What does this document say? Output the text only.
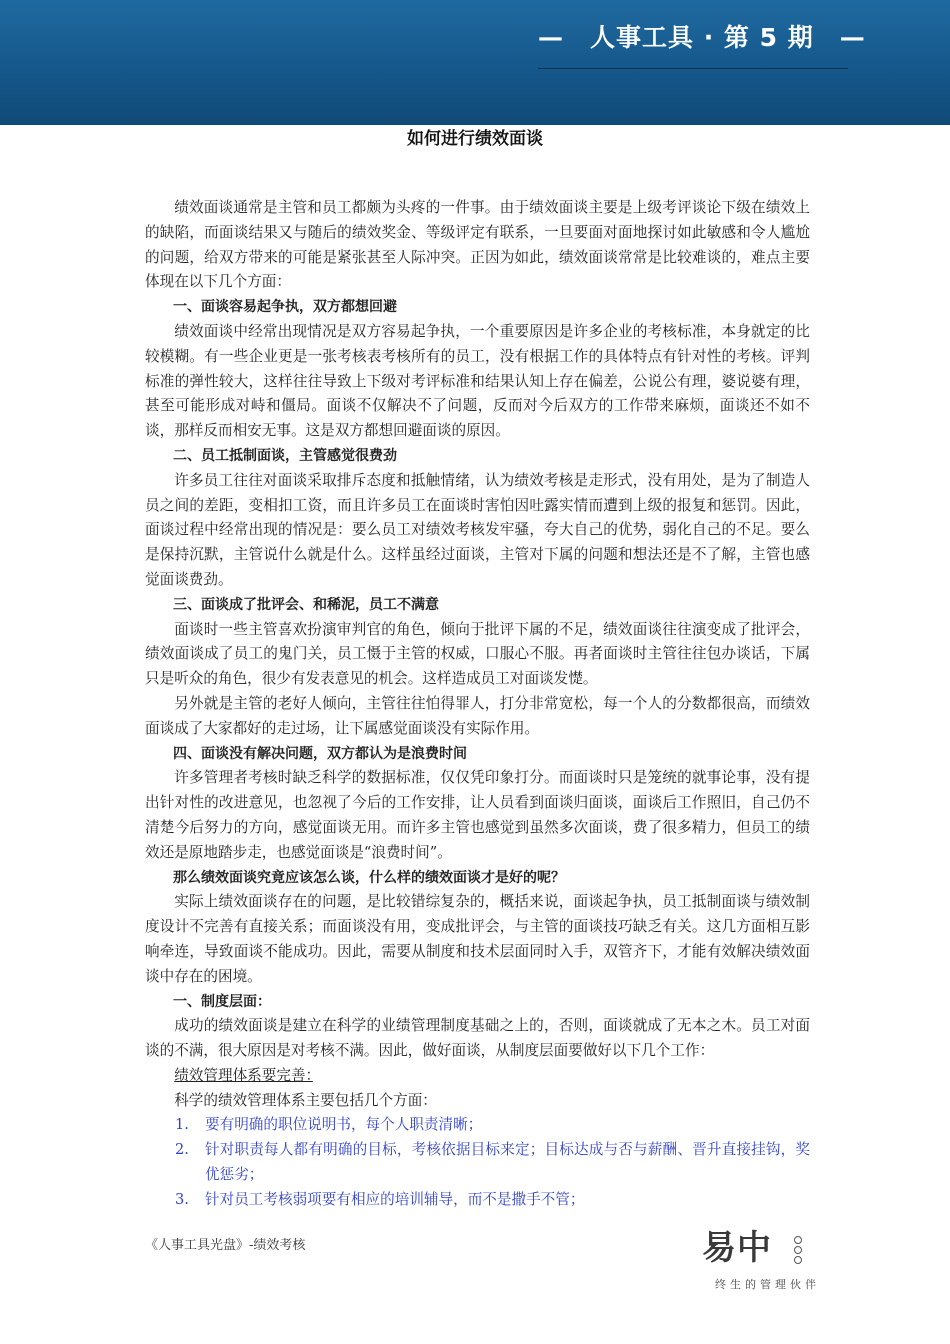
—　人事工具 · 第 5 期　—
如何进行绩效面谈

绩效面谈通常是主管和员工都颇为头疼的一件事。由于绩效面谈主要是上级考评谈论下级在绩效上的缺陷，而面谈结果又与随后的绩效奖金、等级评定有联系，一旦要面对面地探讨如此敏感和令人尴尬的问题，给双方带来的可能是紧张甚至人际冲突。正因为如此，绩效面谈常常是比较难谈的，难点主要体现在以下几个方面：

一、面谈容易起争执，双方都想回避

绩效面谈中经常出现情况是双方容易起争执，一个重要原因是许多企业的考核标准，本身就定的比较模糊。有一些企业更是一张考核表考核所有的员工，没有根据工作的具体特点有针对性的考核。评判标准的弹性较大，这样往往导致上下级对考评标准和结果认知上存在偏差，公说公有理，婆说婆有理，甚至可能形成对峙和僵局。面谈不仅解决不了问题，反而对今后双方的工作带来麻烦，面谈还不如不谈，那样反而相安无事。这是双方都想回避面谈的原因。

二、员工抵制面谈，主管感觉很费劲

许多员工往往对面谈采取排斥态度和抵触情绪，认为绩效考核是走形式，没有用处，是为了制造人员之间的差距，变相扣工资，而且许多员工在面谈时害怕因吐露实情而遭到上级的报复和惩罚。因此，面谈过程中经常出现的情况是：要么员工对绩效考核发牢骚，夸大自己的优势，弱化自己的不足。要么是保持沉默，主管说什么就是什么。这样虽经过面谈，主管对下属的问题和想法还是不了解，主管也感觉面谈费劲。

三、面谈成了批评会、和稀泥，员工不满意

面谈时一些主管喜欢扮演审判官的角色，倾向于批评下属的不足，绩效面谈往往演变成了批评会，绩效面谈成了员工的鬼门关，员工慑于主管的权威，口服心不服。再者面谈时主管往往包办谈话，下属只是听众的角色，很少有发表意见的机会。这样造成员工对面谈发憷。

另外就是主管的老好人倾向，主管往往怕得罪人，打分非常宽松，每一个人的分数都很高，而绩效面谈成了大家都好的走过场，让下属感觉面谈没有实际作用。

四、面谈没有解决问题，双方都认为是浪费时间

许多管理者考核时缺乏科学的数据标准，仅仅凭印象打分。而面谈时只是笼统的就事论事，没有提出针对性的改进意见，也忽视了今后的工作安排，让人员看到面谈归面谈，面谈后工作照旧，自己仍不清楚今后努力的方向，感觉面谈无用。而许多主管也感觉到虽然多次面谈，费了很多精力，但员工的绩效还是原地踏步走，也感觉面谈是“浪费时间”。

那么绩效面谈究竟应该怎么谈，什么样的绩效面谈才是好的呢？

实际上绩效面谈存在的问题，是比较错综复杂的，概括来说，面谈起争执，员工抵制面谈与绩效制度设计不完善有直接关系；而面谈没有用，变成批评会，与主管的面谈技巧缺乏有关。这几方面相互影响牵连，导致面谈不能成功。因此，需要从制度和技术层面同时入手，双管齐下，才能有效解决绩效面谈中存在的困境。

一、制度层面：

成功的绩效面谈是建立在科学的业绩管理制度基础之上的，否则，面谈就成了无本之木。员工对面谈的不满，很大原因是对考核不满。因此，做好面谈，从制度层面要做好以下几个工作：

绩效管理体系要完善：　　

科学的绩效管理体系主要包括几个方面：

1. 要有明确的职位说明书，每个人职责清晰；
2. 针对职责每人都有明确的目标，考核依据目标来定；目标达成与否与薪酬、晋升直接挂钩，奖优惩劣；
3. 针对员工考核弱项要有相应的培训辅导，而不是撒手不管；
《人事工具光盘》-绩效考核	易中
终生的管理伙伴
